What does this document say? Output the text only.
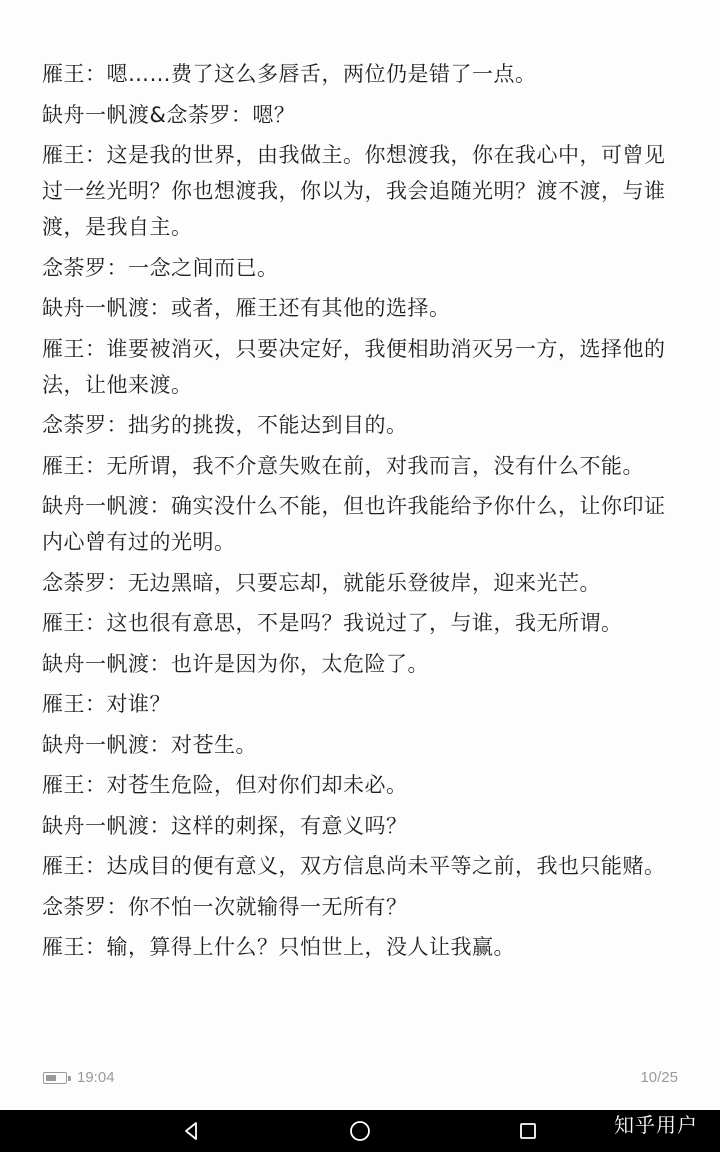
雁王：嗯……费了这么多唇舌，两位仍是错了一点。

缺舟一帆渡&念荼罗：嗯？

雁王：这是我的世界，由我做主。你想渡我，你在我心中，可曾见过一丝光明？你也想渡我，你以为，我会追随光明？渡不渡，与谁渡，是我自主。

念荼罗：一念之间而已。

缺舟一帆渡：或者，雁王还有其他的选择。

雁王：谁要被消灭，只要决定好，我便相助消灭另一方，选择他的法，让他来渡。

念荼罗：拙劣的挑拨，不能达到目的。

雁王：无所谓，我不介意失败在前，对我而言，没有什么不能。

缺舟一帆渡：确实没什么不能，但也许我能给予你什么，让你印证内心曾有过的光明。

念荼罗：无边黑暗，只要忘却，就能乐登彼岸，迎来光芒。

雁王：这也很有意思，不是吗？我说过了，与谁，我无所谓。

缺舟一帆渡：也许是因为你，太危险了。

雁王：对谁？

缺舟一帆渡：对苍生。

雁王：对苍生危险，但对你们却未必。

缺舟一帆渡：这样的刺探，有意义吗？

雁王：达成目的便有意义，双方信息尚未平等之前，我也只能赌。

念荼罗：你不怕一次就输得一无所有？

雁王：输，算得上什么？只怕世上，没人让我赢。

19:04	10/25
知乎用户
